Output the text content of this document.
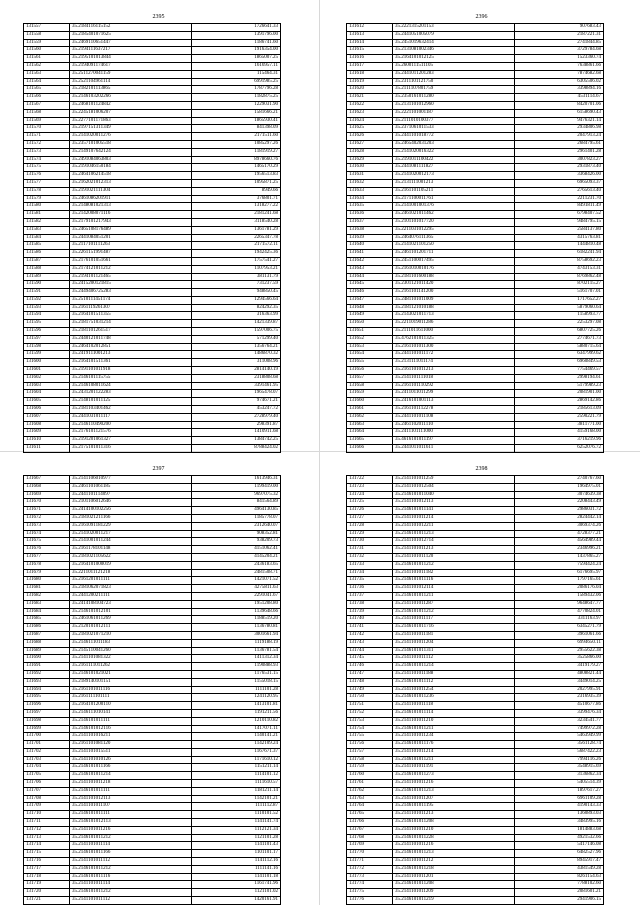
2395
131557	35.2184116115152	1726641.33
131558	35.2185401071625	1391796.00
131559	35.2469110651447	1186741.60
131560	35.2194111637217	1916354.00
131561	35.2195101013844	1865007.25
131562	35.2194091174617	1616957.11
131563	35.2511270041159	115464.31
131564	35.2521104961114	6991985.25
131565	35.2182101113865	1787796.28
131566	35.2146103202266	1182875.25
131567	35.2468101124842	1229031.90
131568	35.2245181006207	1581666.21
131569	35.2277101171863	1865930.41
131570	35.2197151311349	841398.09
131571	35.2141020011276	2171511.60
131572	35.2357101005518	1085297.26
131573	35.2149107642124	1181919.27
131574	35.2491084063803	8978660.76
131575	35.2191046150184	1465170.29
131576	35.2464106214518	1956513.83
131577	35.2162021012313	1095871.25
131578	35.2191021111304	8949.66
131579	35.2461086201911	376801.71
131580	35.2148081021313	1318277.22
131581	35.2142008071116	2181241.68
131582	35.2179101217943	3118540.28
131583	35.2465108176489	1361781.29
131584	35.2441084051201	2265347.78
131585	35.2117101111263	2171572.11
131586	35.2261151991487	1942425.36
131587	35.2176101051661	1757541.27
131588	35.2174121011212	1107953.21
131589	35.2194101121465	381131.79
131590	35.2415200121815	731237.59
131591	35.2449406725283	948850.45
131592	35.2510111451174	1294566.64
131593	35.2161119261307	824292.35
131594	35.2164101511355	316363.99
131595	35.2181751031214	1421339.87
131596	35.2181101261517	1597006.75
131597	35.2440121011748	571299.40
131598	35.2464102012851	1356764.21
131599	35.2419111001213	1486870.32
131600	35.2164101511361	311008.96
131601	35.2191101011918	2814140.19
131602	35.2146101115755	2318808.68
131603	35.2146108011624	3391461.95
131604	35.2431201122283	1965478.07
131605	35.2148101011125	974671.21
131606	35.2181103401462	453247.72
131607	35.2441031011117	2728979.40
131608	35.2146110490200	298391.87
131609	35.2176101121576	1410911.68
131610	35.2191201061327	1384742.25
131611	35.2175101011316	8788424.02
2396
131612	35.2221315201153	907683.43
131613	35.2441051005079	2187221.31
131614	35.2451019632414	2741844.85
131615	35.2131081002346	3729784.68
131616	35.2164101012125	1523360.74
131617	35.2600111511105	7638861.66
131618	35.2441011201283	7874682.68
131619	35.2311101121750	6305506.02
131620	35.2111107801759	3398894.16
131621	35.2350161011280	4531114.67
131622	35.2131101012960	8420701.06
131623	35.2221101001187	6158690.43
131624	35.2111010100377	9476321.14
131625	35.2371061011533	2934806.98
131626	35.2441101018772	2047913.24
131627	35.2465402031203	2684795.61
131628	35.2141020016322	2961401.28
131629	35.2191011100422	3007823.27
131630	35.2441081111827	2931873.40
131631	35.2141020012173	3368426.00
131632	35.2131111001213	6965093.37
131633	35.2161101105211	2765613.40
131634	35.2171100011761	2211231.70
131635	35.2141001001376	8491811.49
131636	35.2461021011462	6798407.52
131637	35.2101101017720	9484795.15
131638	35.2211031012295	2584137.80
131639	35.2464076111365	4315763.81
131640	35.2141021101250	1444810.48
131641	35.2461101201711	6182241.94
131642	35.2451100017495	8758692.23
131643	35.2161010010176	4743153.31
131644	35.2181101600188	8769862.48
131645	35.2301121011420	8702115.27
131646	35.2161101141200	5161707.01
131647	35.2481101011009	1717652.27
131648	35.2181121010188	5879060.64
131649	35.2143021011713	1158993.77
131650	35.2211019011286	2253297.08
131651	35.2111011611000	6807725.26
131652	35.4762101011325	2774671.73
131653	35.2161101011300	5880715.64
131654	35.2441101011172	6347999.62
131655	35.2131111011174	6960849.53
131656	35.2161101011213	7754469.57
131657	35.2141101111018	2998194.61
131658	35.2161101110292	5179989.23
131659	35.2411011011299	2081901.00
131660	35.2416101001113	2869142.86
131661	35.2161101112278	2185613.09
131662	35.2441101011108	2590221.79
131663	35.2461102011110	3811771.00
131664	35.2411101111000	4159168.00
131665	35.4616101011197	3716219.96
131666	35.2441011011611	6252076.72
2397
131667	35.2141106010977	1613946.31
131668	35.2461101061185	1199419.00
131669	35.2441101114097	9697075.32
131670	35.2101106012646	841564.89
131671	35.2414100102256	4964130.85
131672	35.2181021211166	1185778.07
131673	35.2161091181229	2312640.07
131674	35.2141020011217	908352.81
131675	35.2141001011244	938209.73
131676	35.2161178101148	4151062.41
131677	35.2181021105622	4145204.21
131678	35.2164101000019	2436183.65
131679	35.2211011121218	2481508.71
131680	35.2161201011111	1421071.52
131681	35.2181062071823	4275811.63
131682	35.2441200211111	2291041.67
131683	35.2414108104723	1951208.80
131684	35.2146101012101	1139648.66
131685	35.2461061011269	1188519.20
131686	35.2120101012111	1136780.81
131687	35.2181021071210	3001661.94
131688	35.2146111011183	1119188.19
131689	35.2145110041260	1136781.54
131690	35.2141101081322	1411312.34
131691	35.2161111011262	1190888.93
131692	35.2146101021021	1176531.15
131693	35.2189140101151	1155018.15
131694	35.2161101011116	1111101.28
131695	35.2161111101111	1241120.95
131696	35.2164101200110	1413101.81
131697	35.2146111010141	1191211.56
131698	35.2146101011111	1210110.82
131699	35.2146101012116	1417071.11
131700	35.2141101016211	1140141.21
131701	35.2161101081120	1142109.24
131702	35.2141101015511	1167671.37
131703	35.2141101010126	1171610.12
131704	35.2146101011166	1151211.14
131705	35.2146101011214	1114101.12
131706	35.2141101011218	1111610.57
131707	35.2146101011111	1181211.14
131708	35.2141101012113	1142101.21
131709	35.2141101011107	1111112.87
131710	35.2146101011111	1110101.52
131711	35.2146101012113	1141141.74
131712	35.2141101011216	1112121.34
131713	35.2146101011212	1121101.28
131714	35.2141101011114	1141101.43
131715	35.2146101011166	1101101.17
131716	35.2141101011112	1141112.16
131717	35.2146101011212	1111141.16
131718	35.2146101011116	1141101.18
131719	35.2141101011114	1161741.96
131720	35.2146101011212	1121101.02
131721	35.2141101011112	1420161.91
2398
131722	35.2141101011259	2740767.60
131723	35.2141101012504	1964975.01
131724	35.2146101011040	3074639.38
131725	35.2141101012113	2208443.49
131726	35.2146101011141	2986031.72
131727	35.2141101011214	2824442.14
131728	35.2141101012211	3069374.26
131729	35.2146101011213	4728377.21
131730	35.2141101012714	4564989.44
131731	35.2141101011213	2346996.21
131732	35.2141101011120	1437865.27
131733	35.2146101011212	7594424.24
131734	35.2141101011182	6176695.97
131735	35.2146101011116	1797165.61
131736	35.2141101012114	2086176.04
131737	35.2146101011211	1589432.06
131738	35.2141101011287	9648647.77
131739	35.2146101011212	4770824.01
131740	35.2141101011117	3311163.97
131741	35.2146101011716	6345271.79
131742	35.2141101011181	3961061.66
131743	35.2141101011204	6994650.11
131744	35.2146101011311	2955622.38
131745	35.2141101011112	3525866.00
131746	35.2146101011214	3419179.27
131747	35.2141101011188	4808821.44
131748	35.2146101011112	3449014.25
131749	35.2141101011254	2027995.91
131750	35.2146101011236	2316935.39
131751	35.2141101011118	4510677.86
131752	35.2146101011114	3399476.34
131753	35.2141101011210	3234541.77
131754	35.2146101011211	7499972.28
131755	35.2141101011234	5463949.99
131756	35.2146101011176	3561128.74
131757	35.2141101011214	5687422.23
131758	35.2146101011211	7994116.26
131759	35.2141101011191	3548915.69
131760	35.2146101011273	3136862.34
131761	35.2141101011216	5405514.39
131762	35.2146101011213	1897617.27
131763	35.2141101011207	6961109.28
131764	35.2146101011195	4190143.33
131765	35.2141101011213	1360893.03
131766	35.2146101011208	3483995.16
131767	35.2141101011210	1814883.68
131768	35.2146101011228	4921532.66
131769	35.2141101011216	5417146.08
131770	35.2146101011213	6482527.96
131771	35.2141101011212	8945917.47
131772	35.2146101011218	4381549.28
131773	35.2141101011201	8261154.63
131774	35.2146101011208	7788102.60
131775	35.2141101011209	2081601.21
131776	35.2146101011219	2941906.15
